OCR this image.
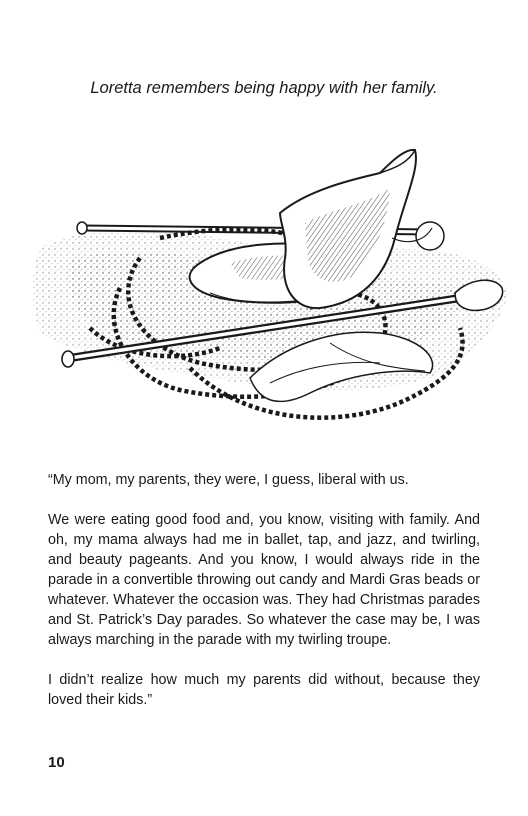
Loretta remembers being happy with her family.

“My mom, my parents, they were, I guess, liberal with us.

We were eating good food and, you know, visiting with family. And oh, my mama always had me in ballet, tap, and jazz, and twirling, and beauty pageants. And you know, I would always ride in the parade in a convertible throwing out candy and Mardi Gras beads or whatever. Whatever the occasion was. They had Christmas parades and St. Patrick’s Day parades. So whatever the case may be, I was always marching in the parade with my twirling troupe.

I didn’t realize how much my parents did without, because they loved their kids.”

10
